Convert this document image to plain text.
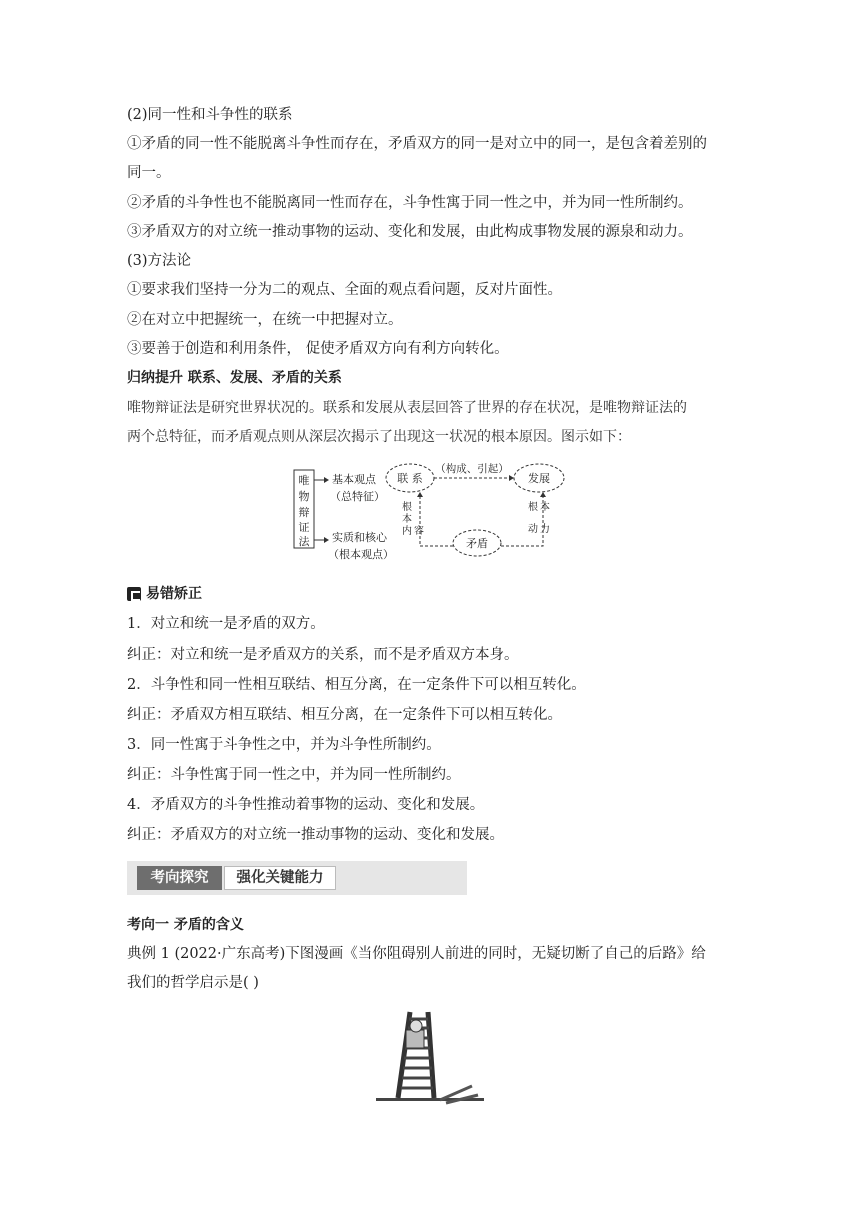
(2)同一性和斗争性的联系
①矛盾的同一性不能脱离斗争性而存在，矛盾双方的同一是对立中的同一，是包含着差别的
同一。
②矛盾的斗争性也不能脱离同一性而存在，斗争性寓于同一性之中，并为同一性所制约。
③矛盾双方的对立统一推动事物的运动、变化和发展，由此构成事物发展的源泉和动力。
(3)方法论
①要求我们坚持一分为二的观点、全面的观点看问题，反对片面性。
②在对立中把握统一，在统一中把握对立。
③要善于创造和利用条件， 促使矛盾双方向有利方向转化。
归纳提升 联系、发展、矛盾的关系
唯物辩证法是研究世界状况的。联系和发展从表层回答了世界的存在状况，是唯物辩证法的
两个总特征，而矛盾观点则从深层次揭示了出现这一状况的根本原因。图示如下：
唯
物
辩
证
法
基本观点
（总特征）
实质和核心
（根本观点）
联 系	发展
（构成、引起）
矛盾
根
本
内 容
根 本
动 力
易错矫正
1．对立和统一是矛盾的双方。
纠正：对立和统一是矛盾双方的关系，而不是矛盾双方本身。
2．斗争性和同一性相互联结、相互分离，在一定条件下可以相互转化。
纠正：矛盾双方相互联结、相互分离，在一定条件下可以相互转化。
3．同一性寓于斗争性之中，并为斗争性所制约。
纠正：斗争性寓于同一性之中，并为同一性所制约。
4．矛盾双方的斗争性推动着事物的运动、变化和发展。
纠正：矛盾双方的对立统一推动事物的运动、变化和发展。
考向探究	强化关键能力
考向一 矛盾的含义
典例 1 (2022·广东高考)下图漫画《当你阻碍别人前进的同时，无疑切断了自己的后路》给
我们的哲学启示是( )
